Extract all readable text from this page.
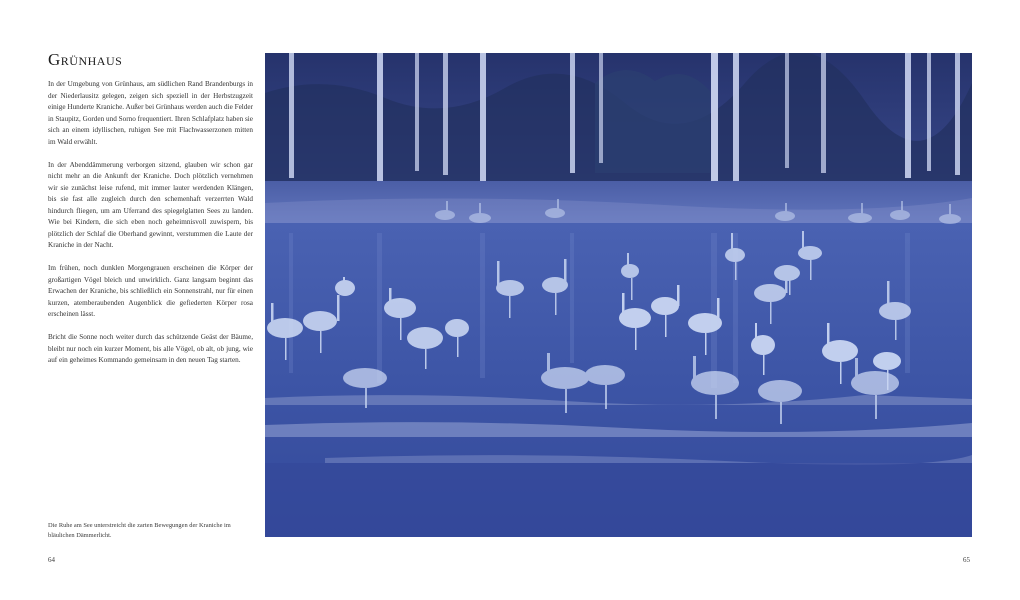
Grünhaus

In der Umgebung von Grünhaus, am südlichen Rand Brandenburgs in der Niederlausitz gelegen, zeigen sich speziell in der Herbstzugzeit einige Hunderte Kraniche. Außer bei Grünhaus werden auch die Felder in Staupitz, Gorden und Sorno frequentiert. Ihren Schlafplatz haben sie sich an einem idyllischen, ruhigen See mit Flachwasserzonen mitten im Wald erwählt.

In der Abenddämmerung verborgen sitzend, glauben wir schon gar nicht mehr an die Ankunft der Kraniche. Doch plötzlich vernehmen wir sie zunächst leise rufend, mit immer lauter werdenden Klängen, bis sie fast alle zugleich durch den schemenhaft verzerrten Wald hindurch fliegen, um am Uferrand des spiegelglatten Sees zu landen. Wie bei Kindern, die sich eben noch geheimnisvoll zuwispern, bis plötzlich der Schlaf die Oberhand gewinnt, verstummen die Laute der Kraniche in der Nacht.

Im frühen, noch dunklen Morgengrauen erscheinen die Körper der großartigen Vögel bleich und unwirklich. Ganz langsam beginnt das Erwachen der Kraniche, bis schließlich ein Sonnenstrahl, nur für einen kurzen, atemberaubenden Augenblick die gefiederten Körper rosa erscheinen lässt.

Bricht die Sonne noch weiter durch das schützende Geäst der Bäume, bleibt nur noch ein kurzer Moment, bis alle Vögel, ob alt, ob jung, wie auf ein geheimes Kommando gemeinsam in den neuen Tag starten.

Die Ruhe am See unterstreicht die zarten Bewegungen der Kraniche im bläulichen Dämmerlicht.
64	65
